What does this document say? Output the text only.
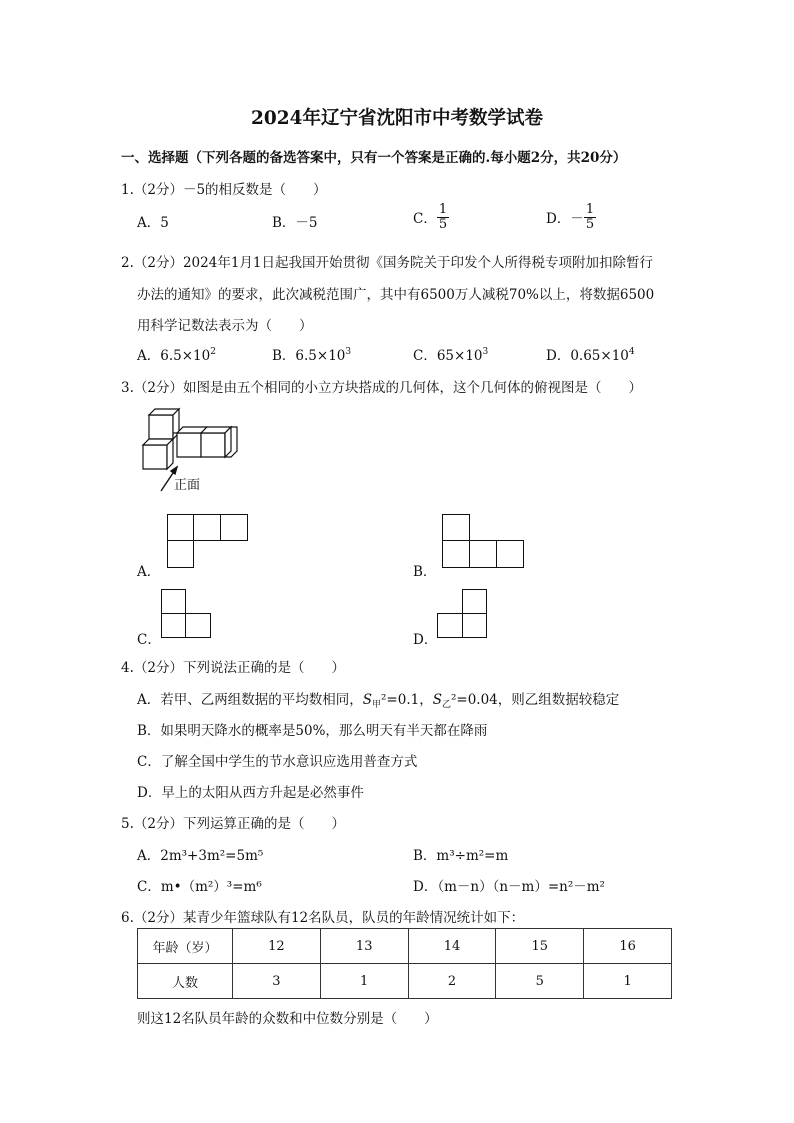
2024年辽宁省沈阳市中考数学试卷
一、选择题（下列各题的备选答案中，只有一个答案是正确的.每小题2分，共20分）
1.（2分）－5的相反数是（　　）
A．5	B．－5	C． $\frac{1}{5}$	D．－ $\frac{1}{5}$
2.（2分）2024年1月1日起我国开始贯彻《国务院关于印发个人所得税专项附加扣除暂行
办法的通知》的要求，此次减税范围广，其中有6500万人减税70%以上，将数据6500
用科学记数法表示为（　　）
A．$6.5\times 10^2$	B．$6.5\times 10^3$	C．$65\times 10^3$	D．$0.65\times 10^4$
3.（2分）如图是由五个相同的小立方块搭成的几何体，这个几何体的俯视图是（　　）
正面
A．	B．
C．	D．
4.（2分）下列说法正确的是（　　）
A．若甲、乙两组数据的平均数相同，$S_甲^2=0.1$，$S_乙^2=0.04$，则乙组数据较稳定
B．如果明天降水的概率是50%，那么明天有半天都在降雨
C．了解全国中学生的节水意识应选用普查方式
D．早上的太阳从西方升起是必然事件
5.（2分）下列运算正确的是（　　）
A．2m³+3m²=5m⁵	B．m³÷m²=m
C．m•（m²）³=m⁶	D．（m－n）（n－m）=n²－m²
6.（2分）某青少年篮球队有12名队员，队员的年龄情况统计如下：
年龄（岁）	12	13	14	15	16
人数	3	1	2	5	1
则这12名队员年龄的众数和中位数分别是（　　）
